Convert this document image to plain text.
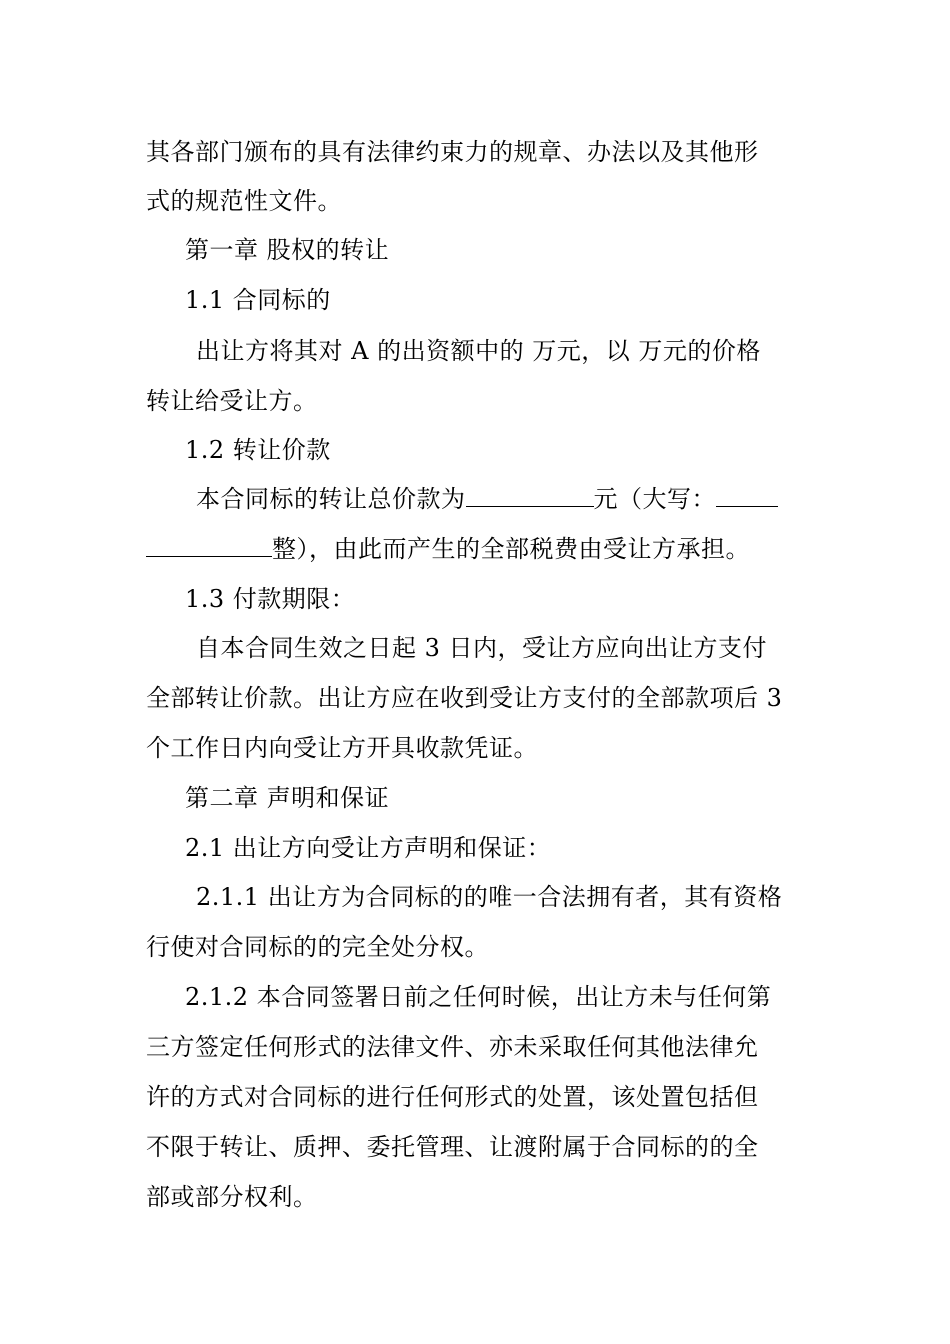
其各部门颁布的具有法律约束力的规章、办法以及其他形
式的规范性文件。
第一章 股权的转让
1.1 合同标的
出让方将其对 A 的出资额中的 万元，以 万元的价格
转让给受让方。
1.2 转让价款
本合同标的转让总价款为	元（大写：
整），由此而产生的全部税费由受让方承担。
1.3 付款期限：
自本合同生效之日起 3 日内，受让方应向出让方支付
全部转让价款。出让方应在收到受让方支付的全部款项后 3
个工作日内向受让方开具收款凭证。
第二章 声明和保证
2.1 出让方向受让方声明和保证：
2.1.1 出让方为合同标的的唯一合法拥有者，其有资格
行使对合同标的的完全处分权。
2.1.2 本合同签署日前之任何时候，出让方未与任何第
三方签定任何形式的法律文件、亦未采取任何其他法律允
许的方式对合同标的进行任何形式的处置，该处置包括但
不限于转让、质押、委托管理、让渡附属于合同标的的全
部或部分权利。
